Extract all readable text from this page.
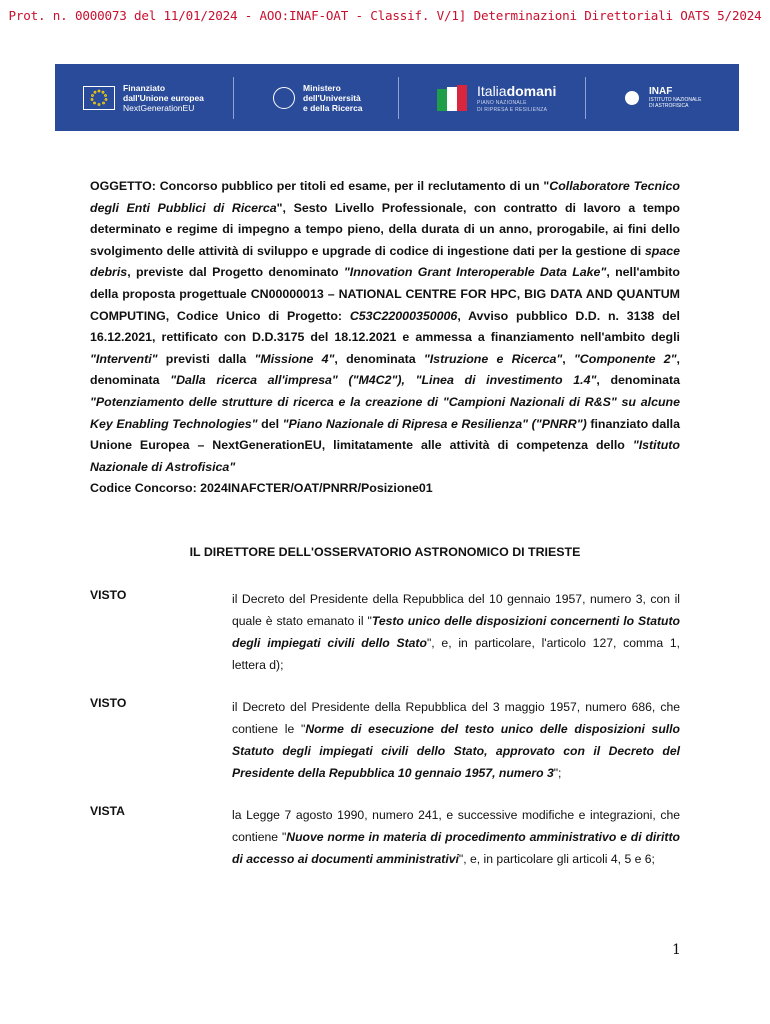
Prot. n. 0000073 del 11/01/2024 - AOO:INAF-OAT - Classif. V/1] Determinazioni Direttoriali OATS 5/2024
Finanziato
dall'Unione europea
NextGenerationEU
Ministero
dell'Università
e della Ricerca
Italiadomani
PIANO NAZIONALE
DI RIPRESA E RESILIENZA
INAF
ISTITUTO NAZIONALE
DI ASTROFISICA
OGGETTO: Concorso pubblico per titoli ed esame, per il reclutamento di un "Collaboratore Tecnico degli Enti Pubblici di Ricerca", Sesto Livello Professionale, con contratto di lavoro a tempo determinato e regime di impegno a tempo pieno, della durata di un anno, prorogabile, ai fini dello svolgimento delle attività di sviluppo e upgrade di codice di ingestione dati per la gestione di space debris, previste dal Progetto denominato "Innovation Grant Interoperable Data Lake", nell'ambito della proposta progettuale CN00000013 – NATIONAL CENTRE FOR HPC, BIG DATA AND QUANTUM COMPUTING, Codice Unico di Progetto: C53C22000350006, Avviso pubblico D.D. n. 3138 del 16.12.2021, rettificato con D.D.3175 del 18.12.2021 e ammessa a finanziamento nell'ambito degli "Interventi" previsti dalla "Missione 4", denominata "Istruzione e Ricerca", "Componente 2", denominata "Dalla ricerca all'impresa" ("M4C2"), "Linea di investimento 1.4", denominata "Potenziamento delle strutture di ricerca e la creazione di "Campioni Nazionali di R&S" su alcune Key Enabling Technologies" del "Piano Nazionale di Ripresa e Resilienza" ("PNRR") finanziato dalla Unione Europea – NextGenerationEU, limitatamente alle attività di competenza dello "Istituto Nazionale di Astrofisica"
Codice Concorso: 2024INAFCTER/OAT/PNRR/Posizione01
IL DIRETTORE DELL'OSSERVATORIO ASTRONOMICO DI TRIESTE
VISTO	il Decreto del Presidente della Repubblica del 10 gennaio 1957, numero 3, con il quale è stato emanato il "Testo unico delle disposizioni concernenti lo Statuto degli impiegati civili dello Stato", e, in particolare, l'articolo 127, comma 1, lettera d);
VISTO	il Decreto del Presidente della Repubblica del 3 maggio 1957, numero 686, che contiene le "Norme di esecuzione del testo unico delle disposizioni sullo Statuto degli impiegati civili dello Stato, approvato con il Decreto del Presidente della Repubblica 10 gennaio 1957, numero 3";
VISTA	la Legge 7 agosto 1990, numero 241, e successive modifiche e integrazioni, che contiene "Nuove norme in materia di procedimento amministrativo e di diritto di accesso ai documenti amministrativi", e, in particolare gli articoli 4, 5 e 6;
1
